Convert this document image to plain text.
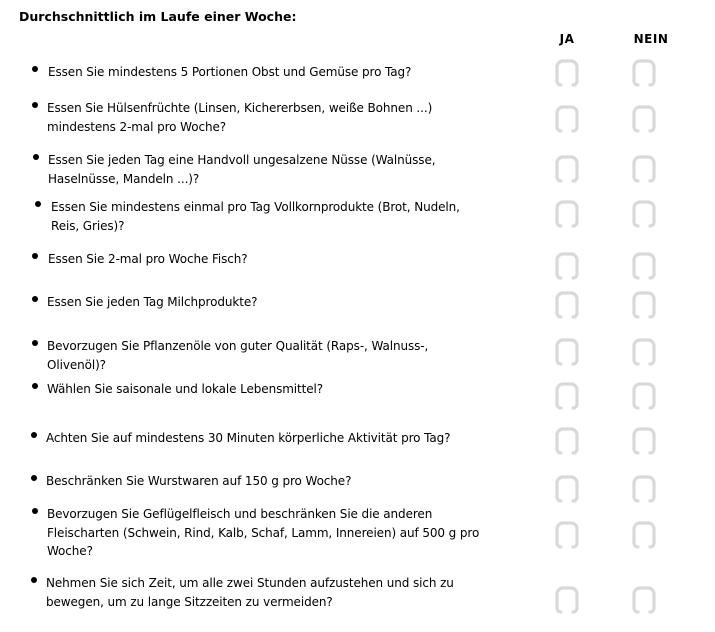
Durchschnittlich im Laufe einer Woche:
JA	NEIN
Essen Sie mindestens 5 Portionen Obst und Gemüse pro Tag?
Essen Sie Hülsenfrüchte (Linsen, Kichererbsen, weiße Bohnen ...)
mindestens 2-mal pro Woche?
Essen Sie jeden Tag eine Handvoll ungesalzene Nüsse (Walnüsse,
Haselnüsse, Mandeln ...)?
Essen Sie mindestens einmal pro Tag Vollkornprodukte (Brot, Nudeln,
Reis, Gries)?
Essen Sie 2-mal pro Woche Fisch?
Essen Sie jeden Tag Milchprodukte?
Bevorzugen Sie Pflanzenöle von guter Qualität (Raps-, Walnuss-,
Olivenöl)?
Wählen Sie saisonale und lokale Lebensmittel?
Achten Sie auf mindestens 30 Minuten körperliche Aktivität pro Tag?
Beschränken Sie Wurstwaren auf 150 g pro Woche?
Bevorzugen Sie Geflügelfleisch und beschränken Sie die anderen
Fleischarten (Schwein, Rind, Kalb, Schaf, Lamm, Innereien) auf 500 g pro
Woche?
Nehmen Sie sich Zeit, um alle zwei Stunden aufzustehen und sich zu
bewegen, um zu lange Sitzzeiten zu vermeiden?
